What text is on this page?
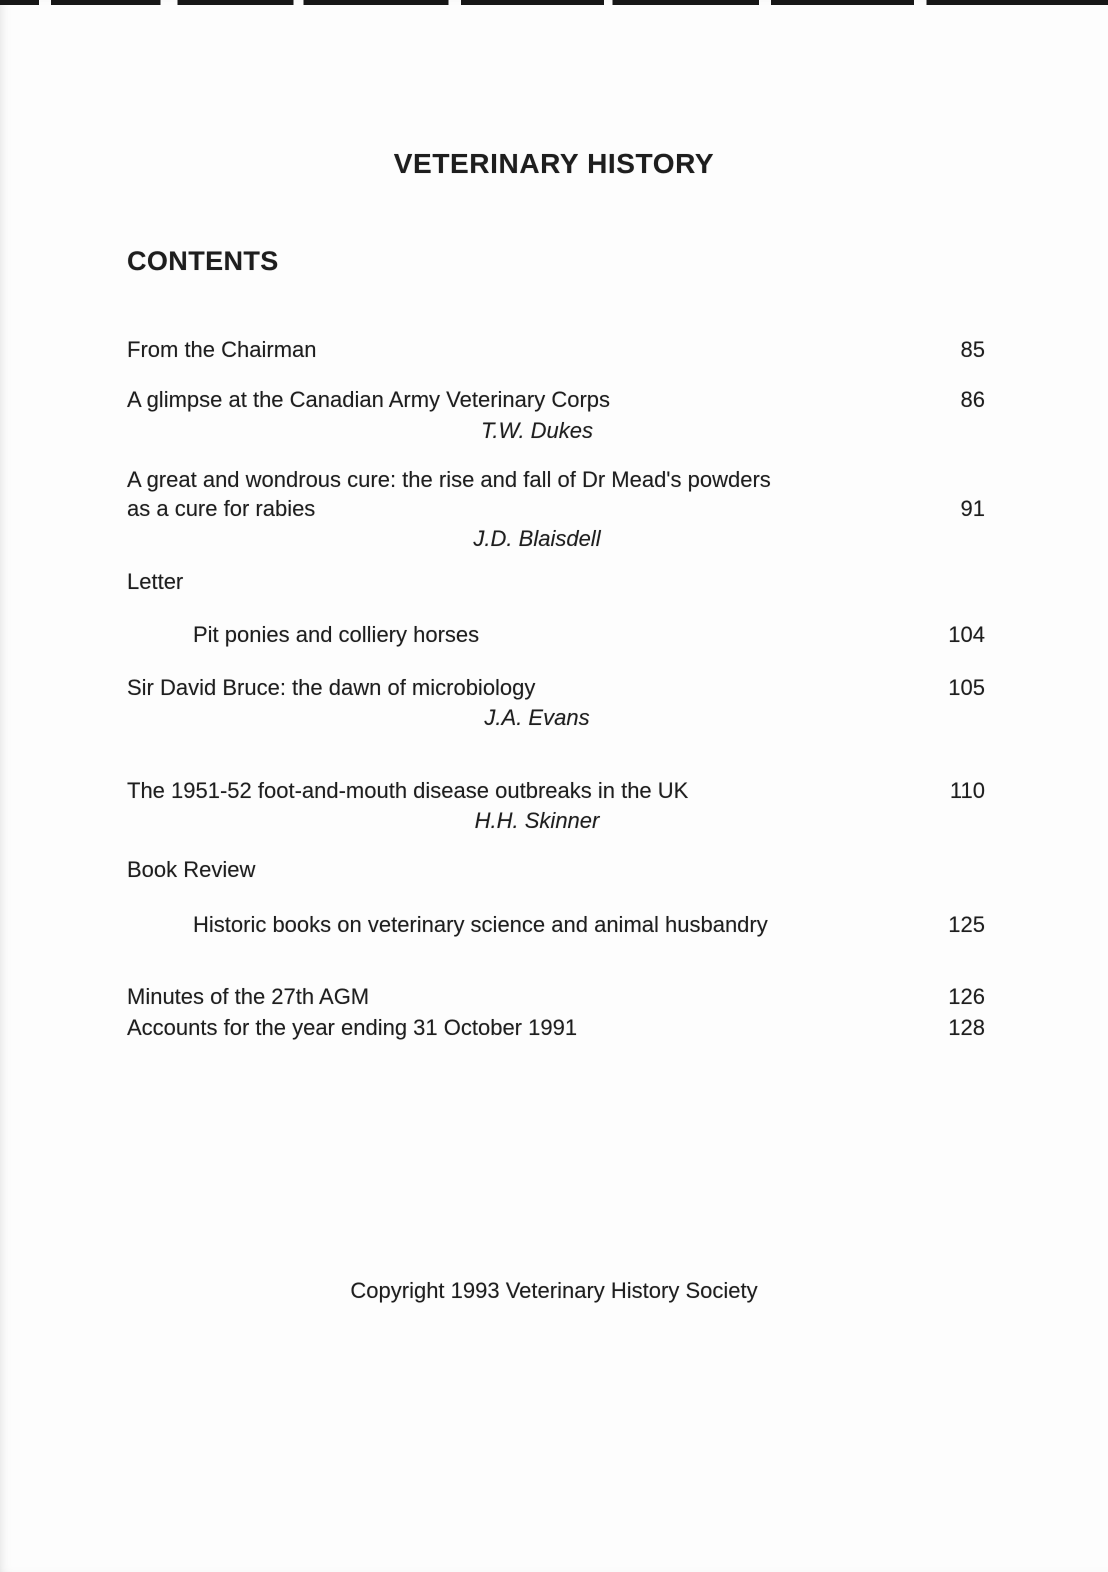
VETERINARY HISTORY
CONTENTS
From the Chairman	85
A glimpse at the Canadian Army Veterinary Corps	86
T.W. Dukes
A great and wondrous cure: the rise and fall of Dr Mead's powders
as a cure for rabies	91
J.D. Blaisdell
Letter
Pit ponies and colliery horses	104
Sir David Bruce: the dawn of microbiology	105
J.A. Evans
The 1951-52 foot-and-mouth disease outbreaks in the UK	110
H.H. Skinner
Book Review
Historic books on veterinary science and animal husbandry	125
Minutes of the 27th AGM	126
Accounts for the year ending 31 October 1991	128
Copyright 1993 Veterinary History Society
